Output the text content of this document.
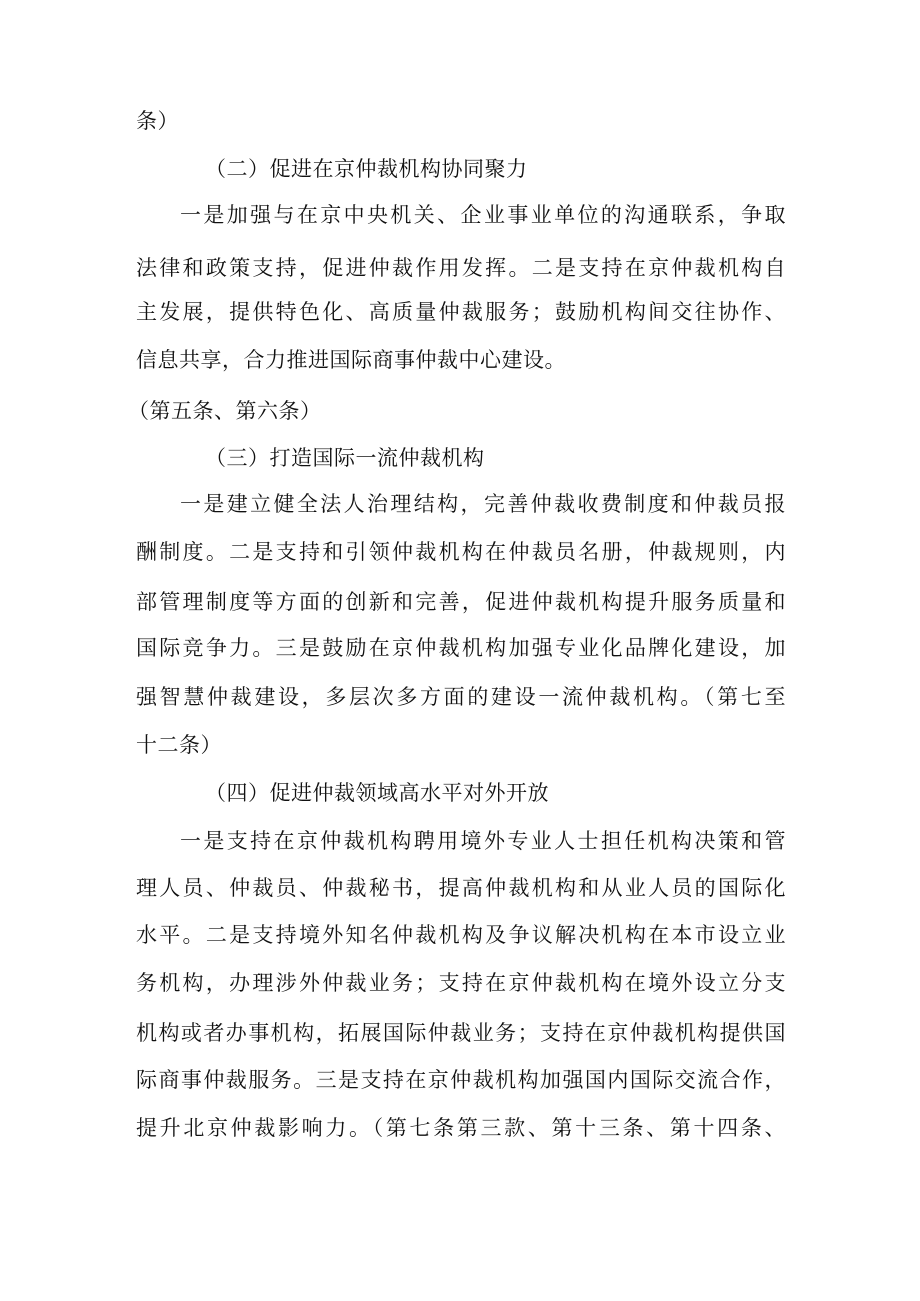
条）
（二）促进在京仲裁机构协同聚力
一是加强与在京中央机关、企业事业单位的沟通联系，争取
法律和政策支持，促进仲裁作用发挥。二是支持在京仲裁机构自
主发展，提供特色化、高质量仲裁服务；鼓励机构间交往协作、
信息共享，合力推进国际商事仲裁中心建设。
（第五条、第六条）
（三）打造国际一流仲裁机构
一是建立健全法人治理结构，完善仲裁收费制度和仲裁员报
酬制度。二是支持和引领仲裁机构在仲裁员名册，仲裁规则，内
部管理制度等方面的创新和完善，促进仲裁机构提升服务质量和
国际竞争力。三是鼓励在京仲裁机构加强专业化品牌化建设，加
强智慧仲裁建设，多层次多方面的建设一流仲裁机构。（第七至
十二条）
（四）促进仲裁领域高水平对外开放
一是支持在京仲裁机构聘用境外专业人士担任机构决策和管
理人员、仲裁员、仲裁秘书，提高仲裁机构和从业人员的国际化
水平。二是支持境外知名仲裁机构及争议解决机构在本市设立业
务机构，办理涉外仲裁业务；支持在京仲裁机构在境外设立分支
机构或者办事机构，拓展国际仲裁业务；支持在京仲裁机构提供国
际商事仲裁服务。三是支持在京仲裁机构加强国内国际交流合作，
提升北京仲裁影响力。（第七条第三款、第十三条、第十四条、
